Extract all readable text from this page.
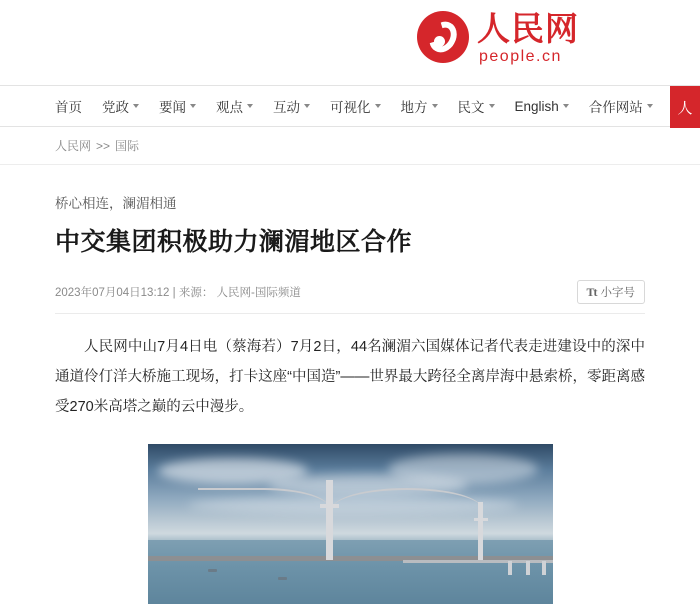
人民网
people.cn
首页 党政 要闻 观点 互动 可视化 地方 民文 English 合作网站	人
人民网 >> 国际
桥心相连，澜湄相通
中交集团积极助力澜湄地区合作
2023年07月04日13:12 | 来源： 人民网-国际频道	Tt 小字号

人民网中山7月4日电（蔡海若）7月2日，44名澜湄六国媒体记者代表走进建设中的深中通道伶仃洋大桥施工现场，打卡这座“中国造”——世界最大跨径全离岸海中悬索桥，零距离感受270米高塔之巅的云中漫步。
